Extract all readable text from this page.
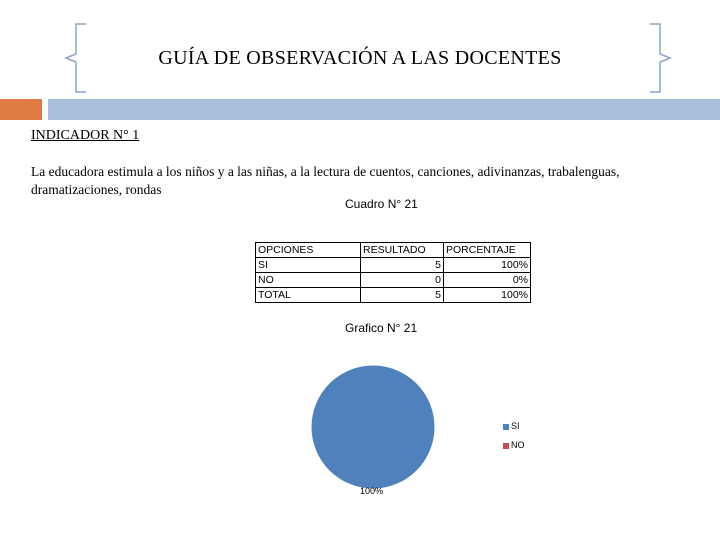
GUÍA DE OBSERVACIÓN A LAS DOCENTES
INDICADOR N° 1
La educadora estimula a los niños y a las niñas, a la lectura de cuentos, canciones, adivinanzas, trabalenguas, dramatizaciones, rondas
Cuadro N° 21
OPCIONES	RESULTADO	PORCENTAJE
SI	5	100%
NO	0	0%
TOTAL	5	100%
Grafico N° 21
SI
NO
100%
